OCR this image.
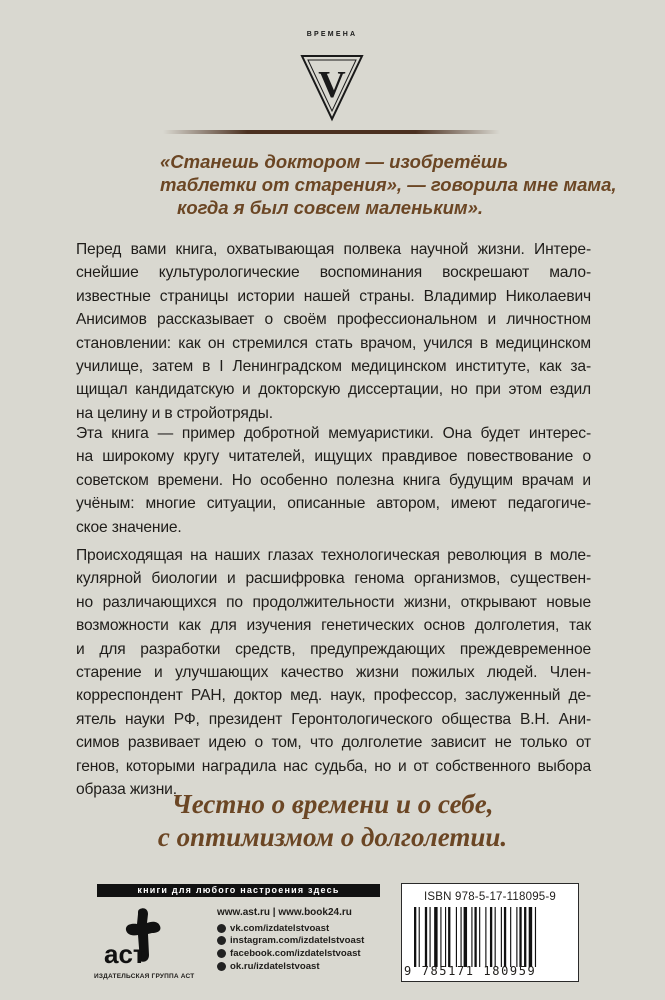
ВРЕМЕНА
V

«Станешь доктором — изобретёшь
таблетки от старения», — говорила мне мама,
когда я был совсем маленьким».

Перед вами книга, охватывающая полвека научной жизни. Интере-
снейшие культурологические воспоминания воскрешают мало-
известные страницы истории нашей страны. Владимир Николаевич
Анисимов рассказывает о своём профессиональном и личностном
становлении: как он стремился стать врачом, учился в медицинском
училище, затем в I Ленинградском медицинском институте, как за-
щищал кандидатскую и докторскую диссертации, но при этом ездил
на целину и в стройотряды.

Эта книга — пример добротной мемуаристики. Она будет интерес-
на широкому кругу читателей, ищущих правдивое повествование о
советском времени. Но особенно полезна книга будущим врачам и
учёным: многие ситуации, описанные автором, имеют педагогиче-
ское значение.

Происходящая на наших глазах технологическая революция в моле-
кулярной биологии и расшифровка генома организмов, существен-
но различающихся по продолжительности жизни, открывают новые
возможности как для изучения генетических основ долголетия, так
и для разработки средств, предупреждающих преждевременное
старение и улучшающих качество жизни пожилых людей. Член-
корреспондент РАН, доктор мед. наук, профессор, заслуженный де-
ятель науки РФ, президент Геронтологического общества В.Н. Ани-
симов развивает идею о том, что долголетие зависит не только от
генов, которыми наградила нас судьба, но и от собственного выбора
образа жизни.

Честно о времени и о себе,
с оптимизмом о долголетии.

книги для любого настроения здесь
аст
ИЗДАТЕЛЬСКАЯ ГРУППА АСТ
www.ast.ru | www.book24.ru
vk.com/izdatelstvoast
instagram.com/izdatelstvoast
facebook.com/izdatelstvoast
ok.ru/izdatelstvoast
ISBN 978-5-17-118095-9
9 785171 180959
